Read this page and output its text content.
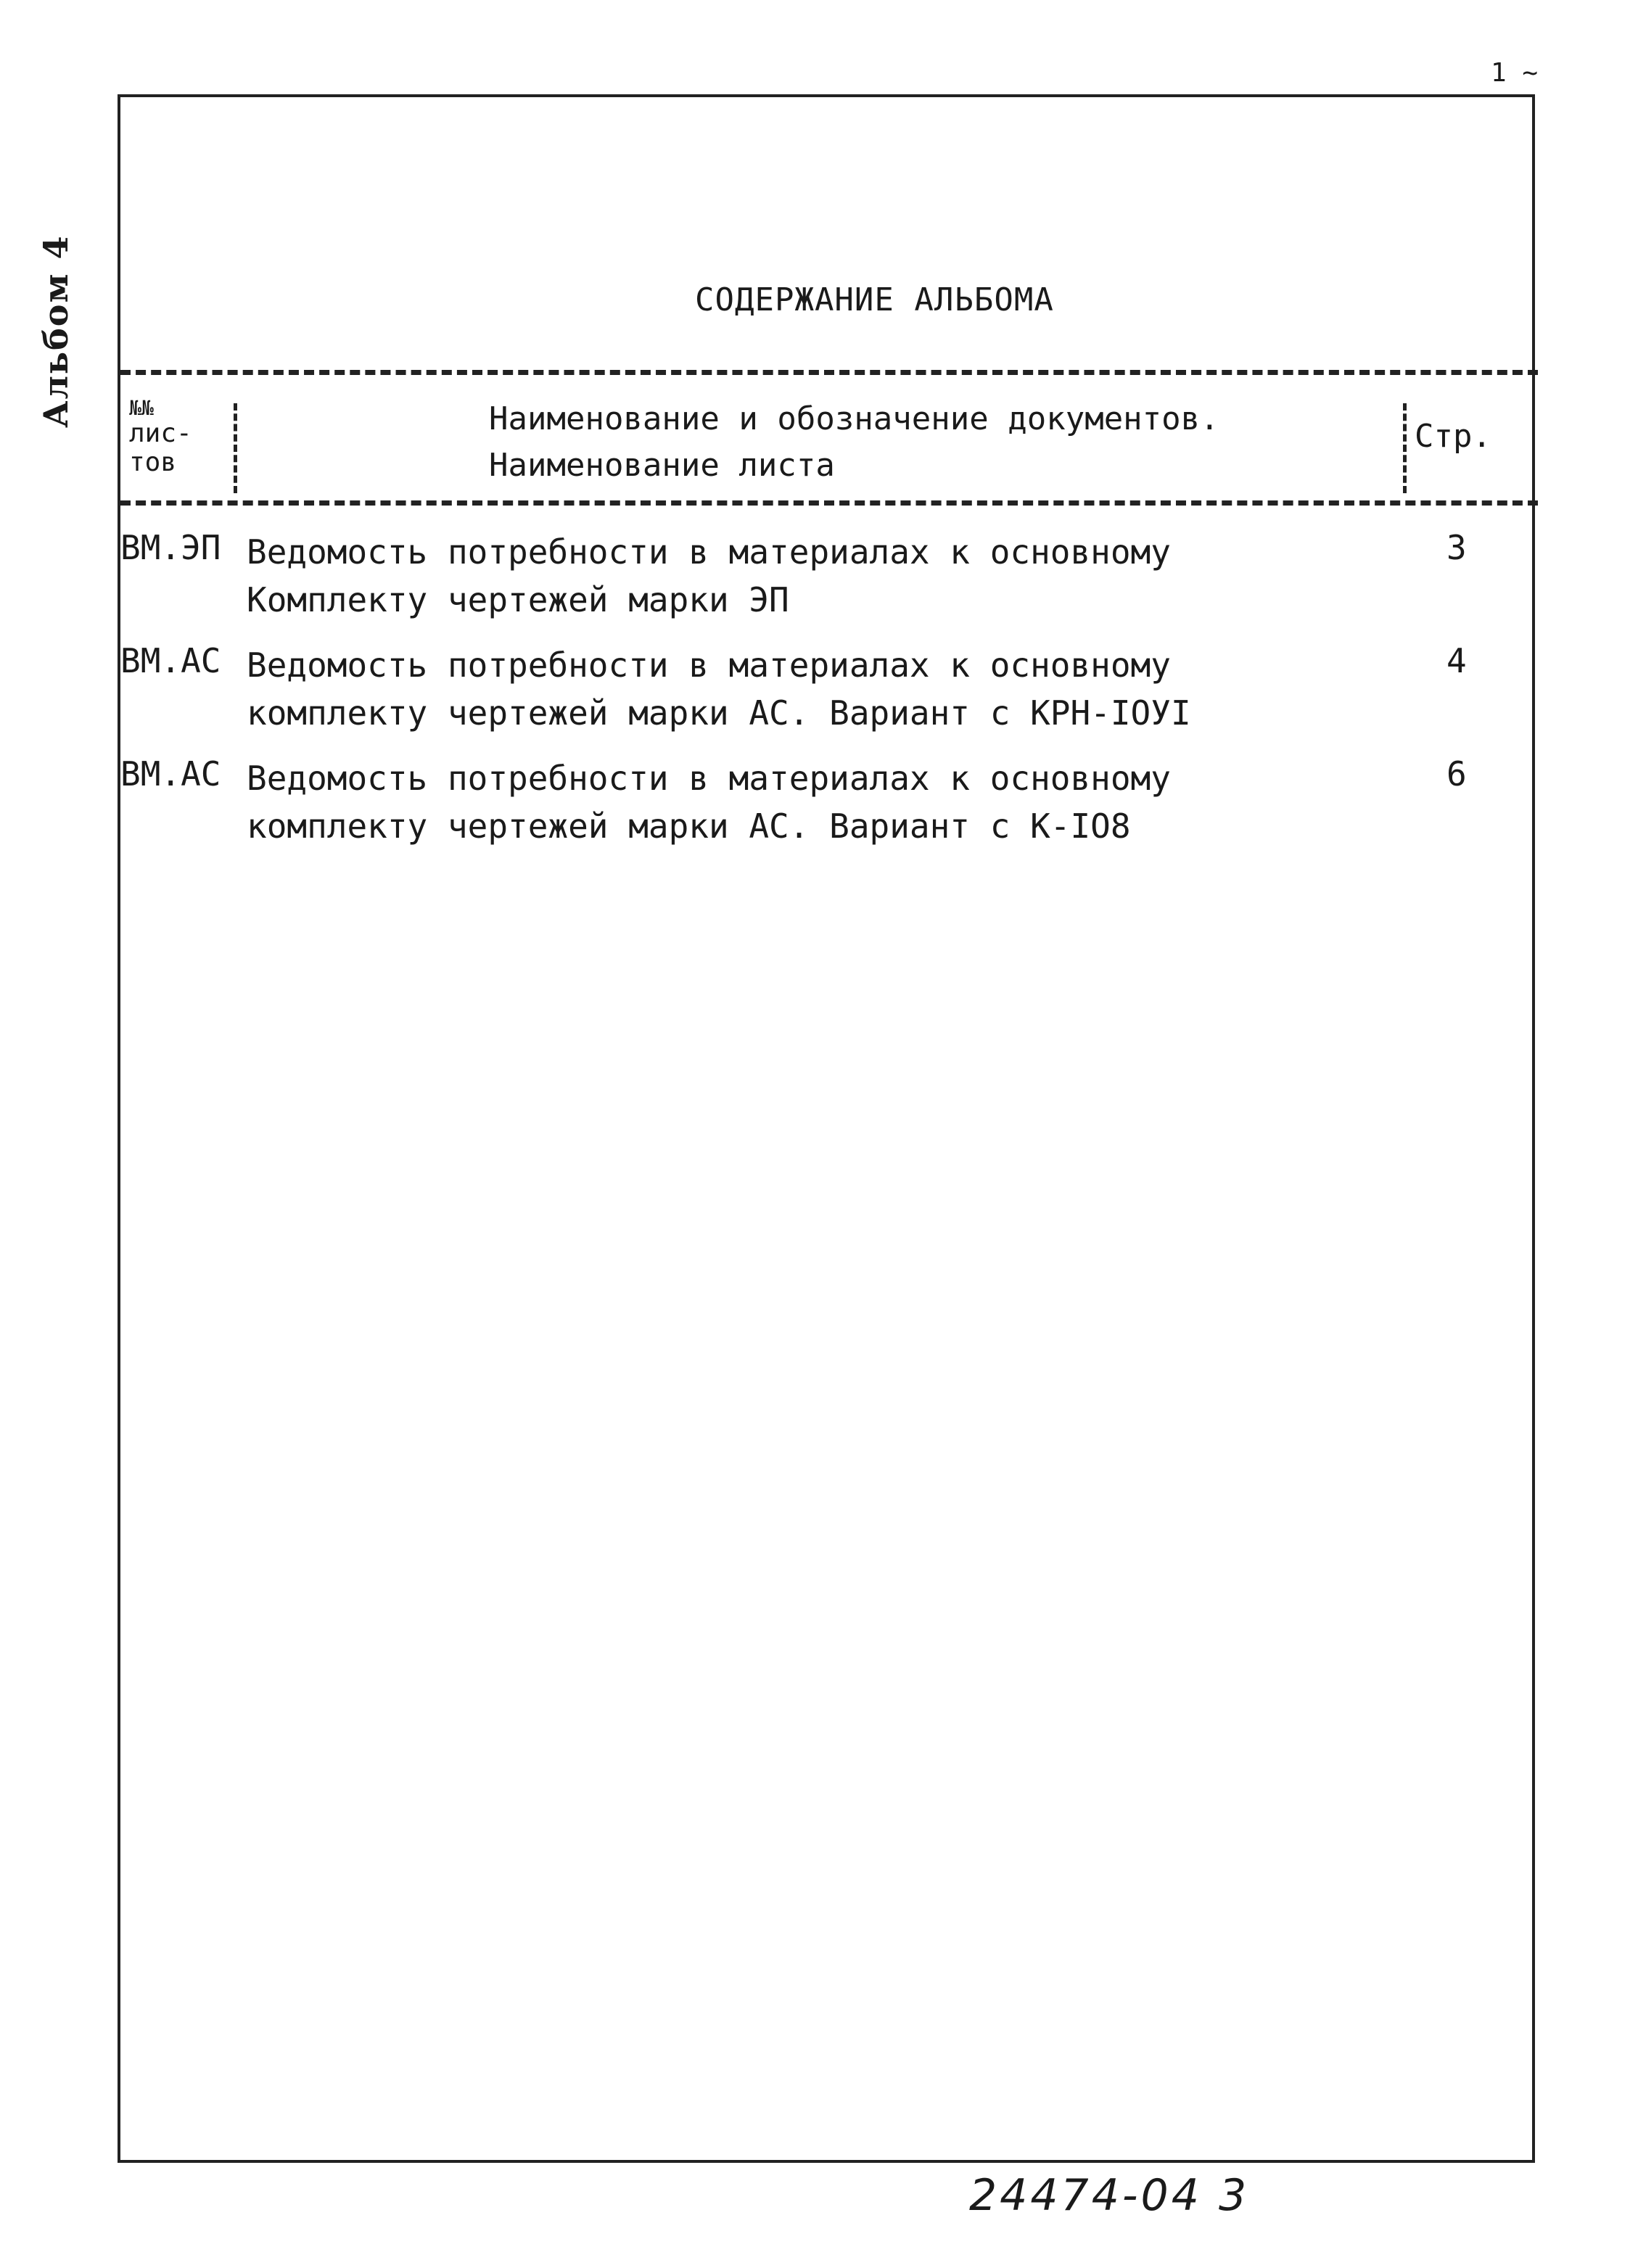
Альбом 4
1 ~
СОДЕРЖАНИЕ АЛЬБОМА
№№
лис-
тов
Наименование и обозначение документов.
Наименование листа
Стр.
ВМ.ЭП Ведомость потребности в материалах к основному
Комплекту чертежей марки ЭП
3
ВМ.АС Ведомость потребности в материалах к основному
комплекту чертежей марки АС. Вариант с КРН-IОУI
4
ВМ.АС Ведомость потребности в материалах к основному
комплекту чертежей марки АС. Вариант с К-IО8
6
24474-04 3
